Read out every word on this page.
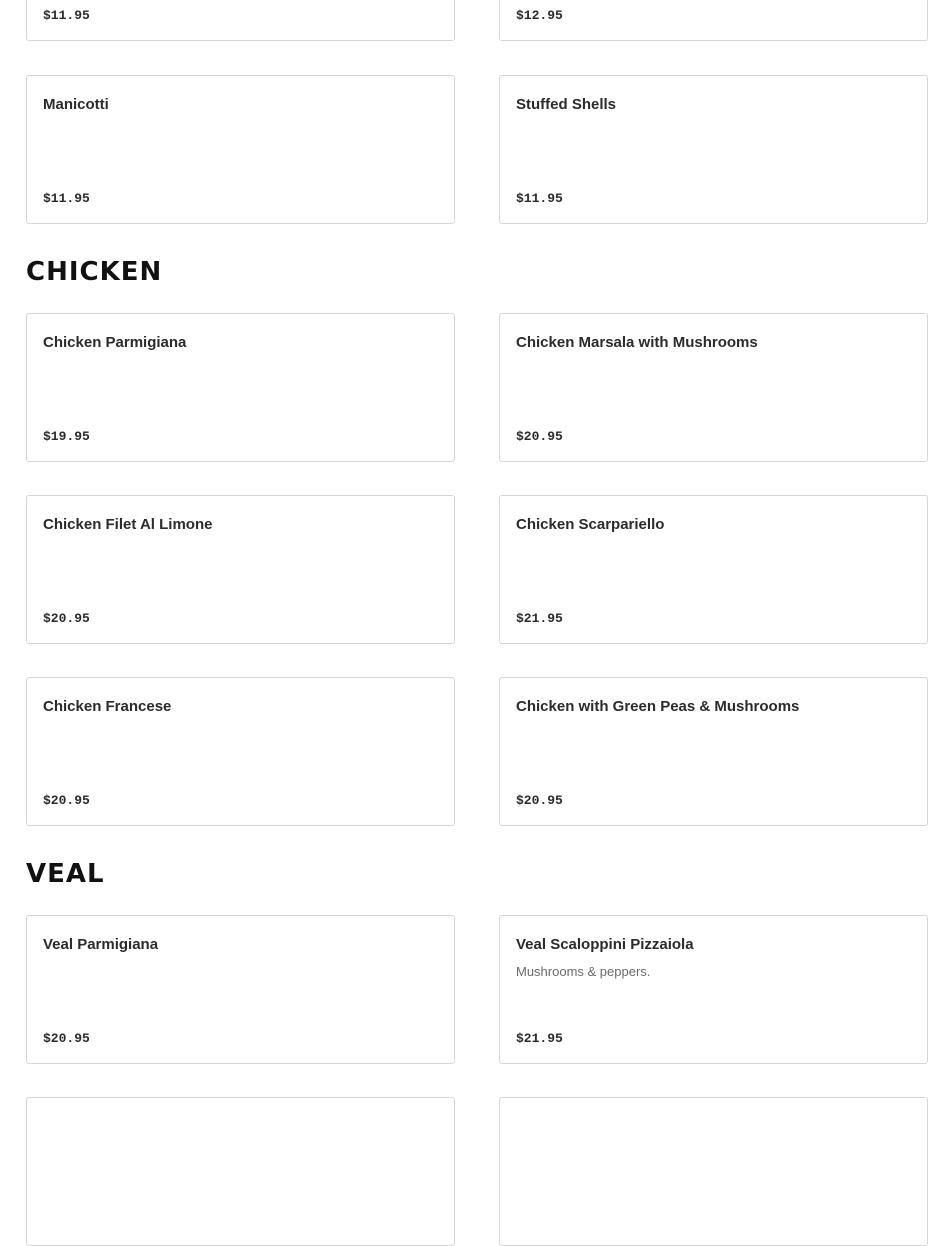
$11.95	$12.95
Manicotti
$11.95
Stuffed Shells
$11.95
CHICKEN
Chicken Parmigiana
$19.95
Chicken Marsala with Mushrooms
$20.95
Chicken Filet Al Limone
$20.95
Chicken Scarpariello
$21.95
Chicken Francese
$20.95
Chicken with Green Peas & Mushrooms
$20.95
VEAL
Veal Parmigiana
$20.95
Veal Scaloppini Pizzaiola
Mushrooms & peppers.
$21.95
